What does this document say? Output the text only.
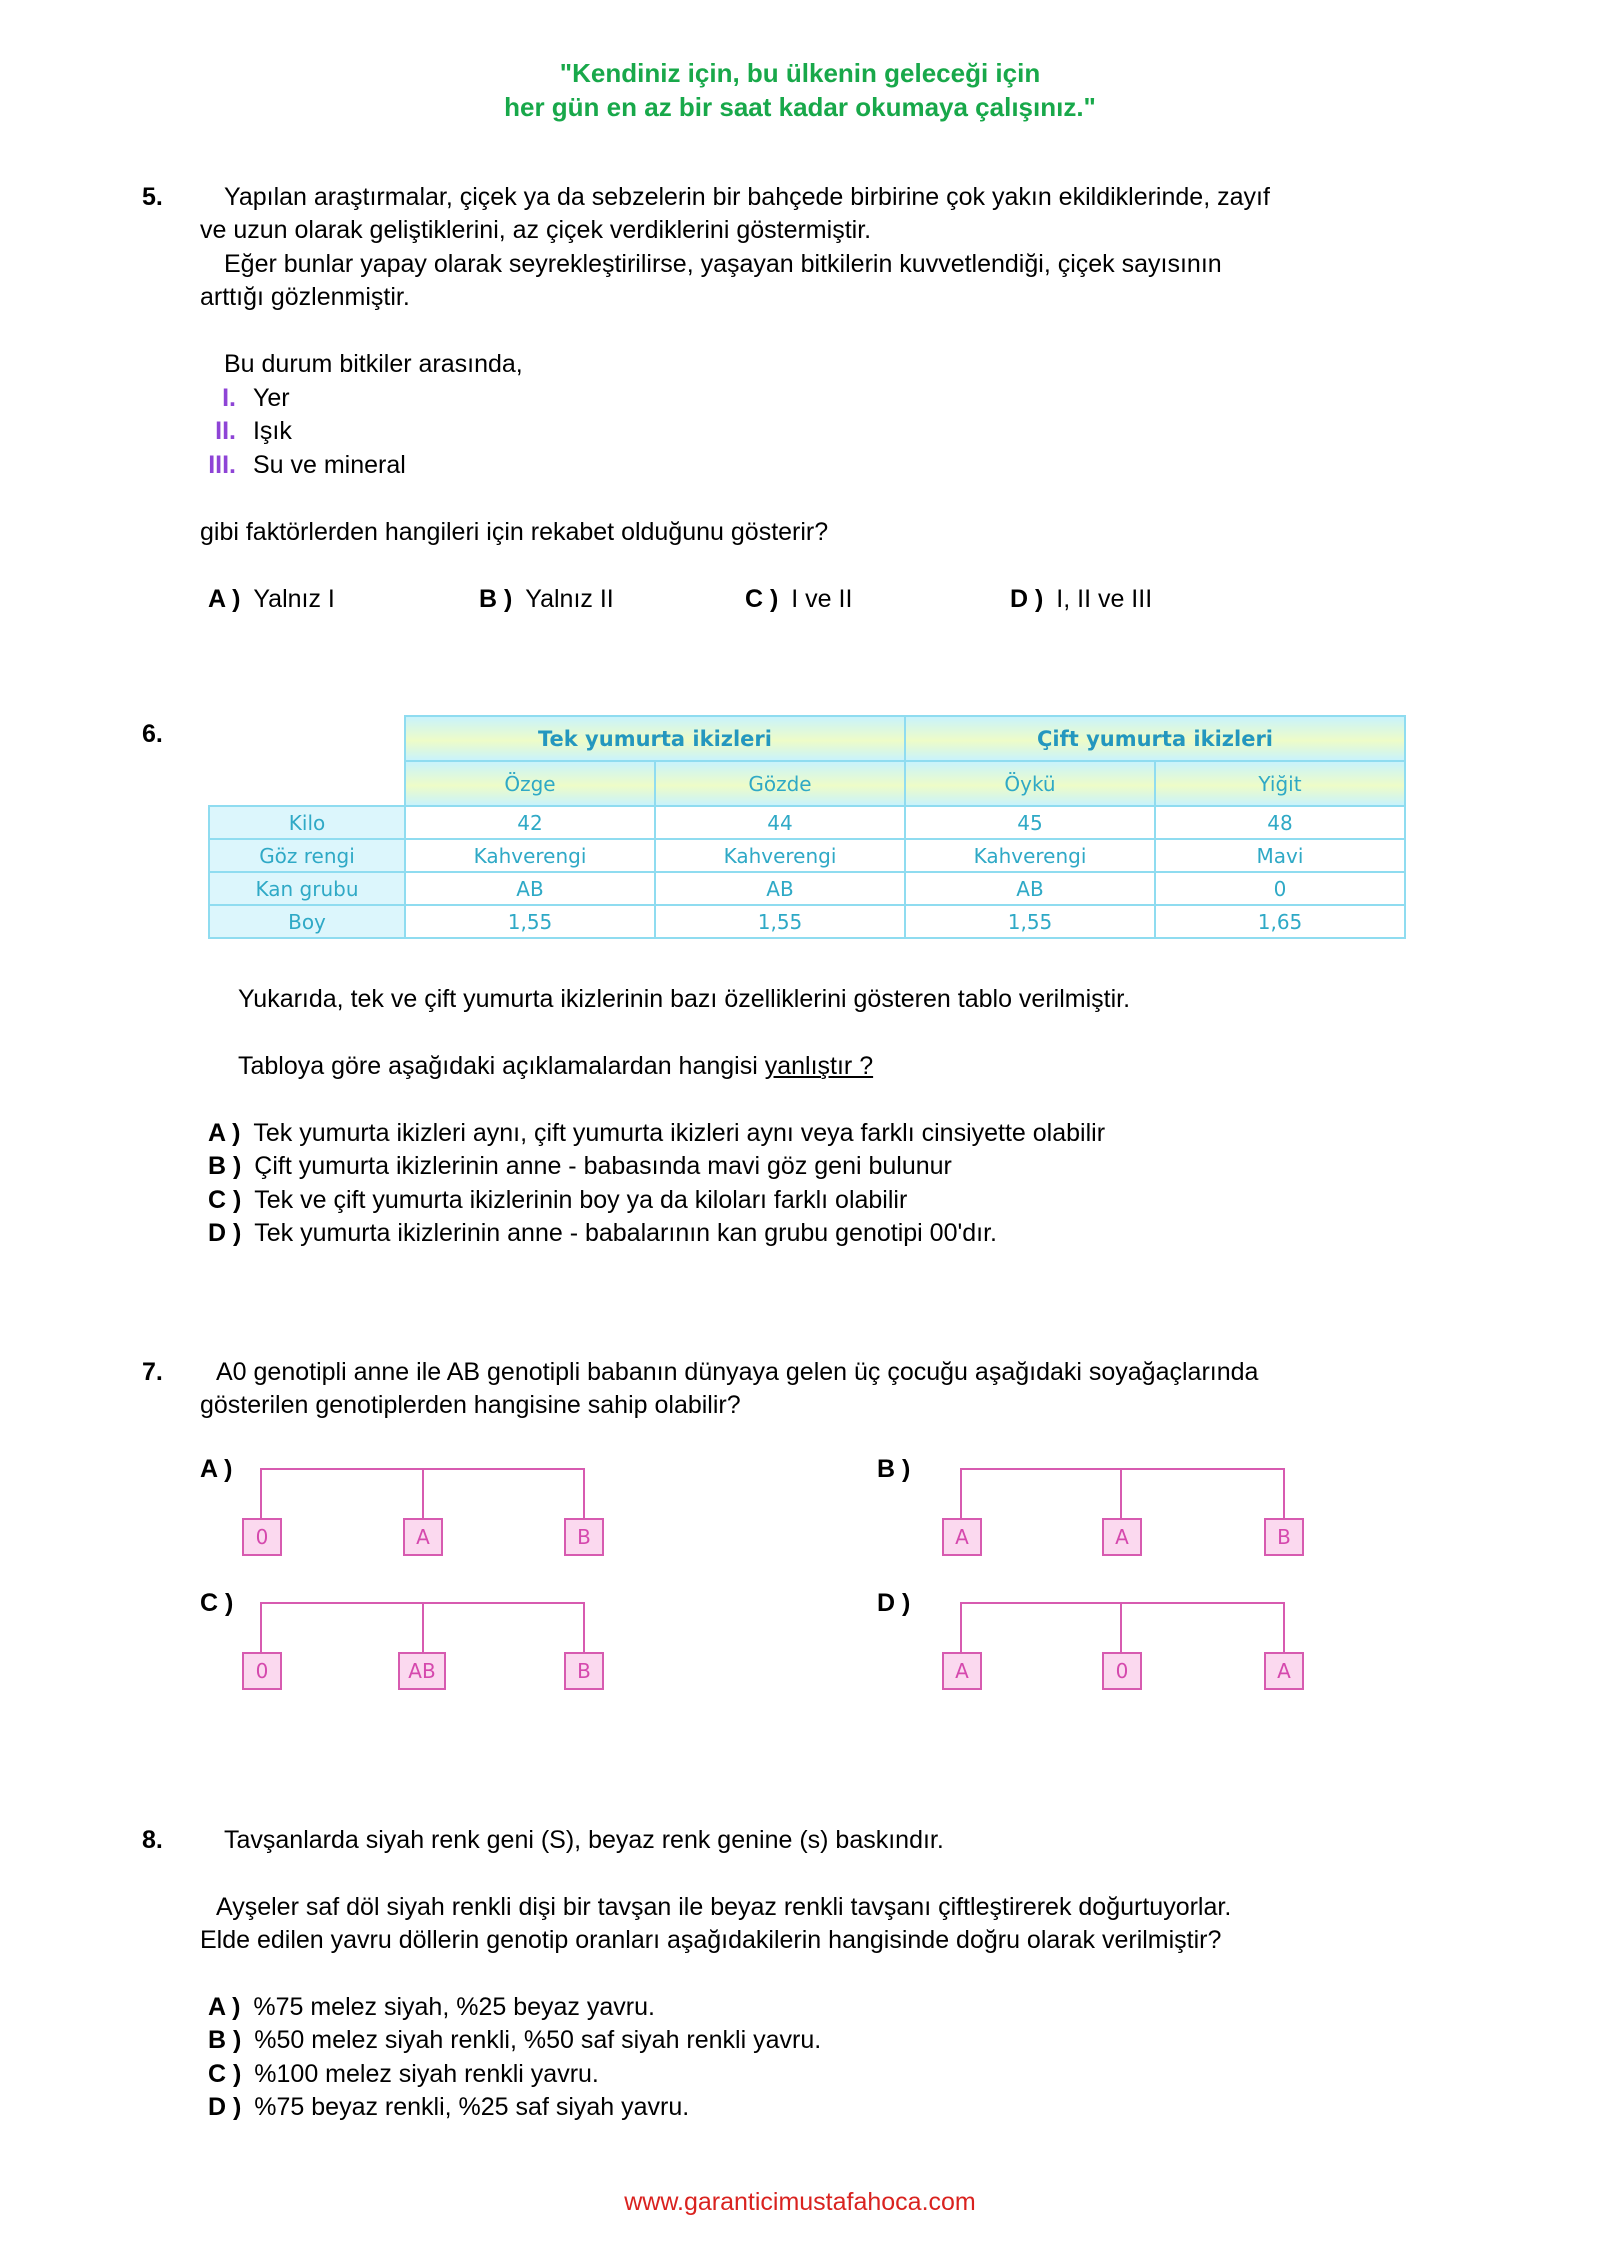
"Kendiniz için, bu ülkenin geleceği için
her gün en az bir saat kadar okumaya çalışınız."
5. Yapılan araştırmalar, çiçek ya da sebzelerin bir bahçede birbirine çok yakın ekildiklerinde, zayıf
ve uzun olarak geliştiklerini, az çiçek verdiklerini göstermiştir.
Eğer bunlar yapay olarak seyrekleştirilirse, yaşayan bitkilerin kuvvetlendiği, çiçek sayısının
arttığı gözlenmiştir.
Bu durum bitkiler arasında,
I. Yer
II. Işık
III. Su ve mineral
gibi faktörlerden hangileri için rekabet olduğunu gösterir?
A ) Yalnız I	B ) Yalnız II	C ) I ve II	D ) I, II ve III
6.
		Tek yumurta ikizleri		Çift yumurta ikizleri	
	Özge	Gözde	Öykü	Yiğit
Kilo	42	44	45	48
Göz rengi	Kahverengi	Kahverengi	Kahverengi	Mavi
Kan grubu	AB	AB	AB	0
Boy	1,55	1,55	1,55	1,65
Yukarıda, tek ve çift yumurta ikizlerinin bazı özelliklerini gösteren tablo verilmiştir.
Tabloya göre aşağıdaki açıklamalardan hangisi yanlıştır ?
A ) Tek yumurta ikizleri aynı, çift yumurta ikizleri aynı veya farklı cinsiyette olabilir
B ) Çift yumurta ikizlerinin anne - babasında mavi göz geni bulunur
C ) Tek ve çift yumurta ikizlerinin boy ya da kiloları farklı olabilir
D ) Tek yumurta ikizlerinin anne - babalarının kan grubu genotipi 00'dır.
7. A0 genotipli anne ile AB genotipli babanın dünyaya gelen üç çocuğu aşağıdaki soyağaçlarında
gösterilen genotiplerden hangisine sahip olabilir?
A )
0	A	B
B )
A	A	B
C )
0	AB	B
D )
A	0	A
8. Tavşanlarda siyah renk geni (S), beyaz renk genine (s) baskındır.
Ayşeler saf döl siyah renkli dişi bir tavşan ile beyaz renkli tavşanı çiftleştirerek doğurtuyorlar.
Elde edilen yavru döllerin genotip oranları aşağıdakilerin hangisinde doğru olarak verilmiştir?
A ) %75 melez siyah, %25 beyaz yavru.
B ) %50 melez siyah renkli, %50 saf siyah renkli yavru.
C ) %100 melez siyah renkli yavru.
D ) %75 beyaz renkli, %25 saf siyah yavru.
www.garanticimustafahoca.com
